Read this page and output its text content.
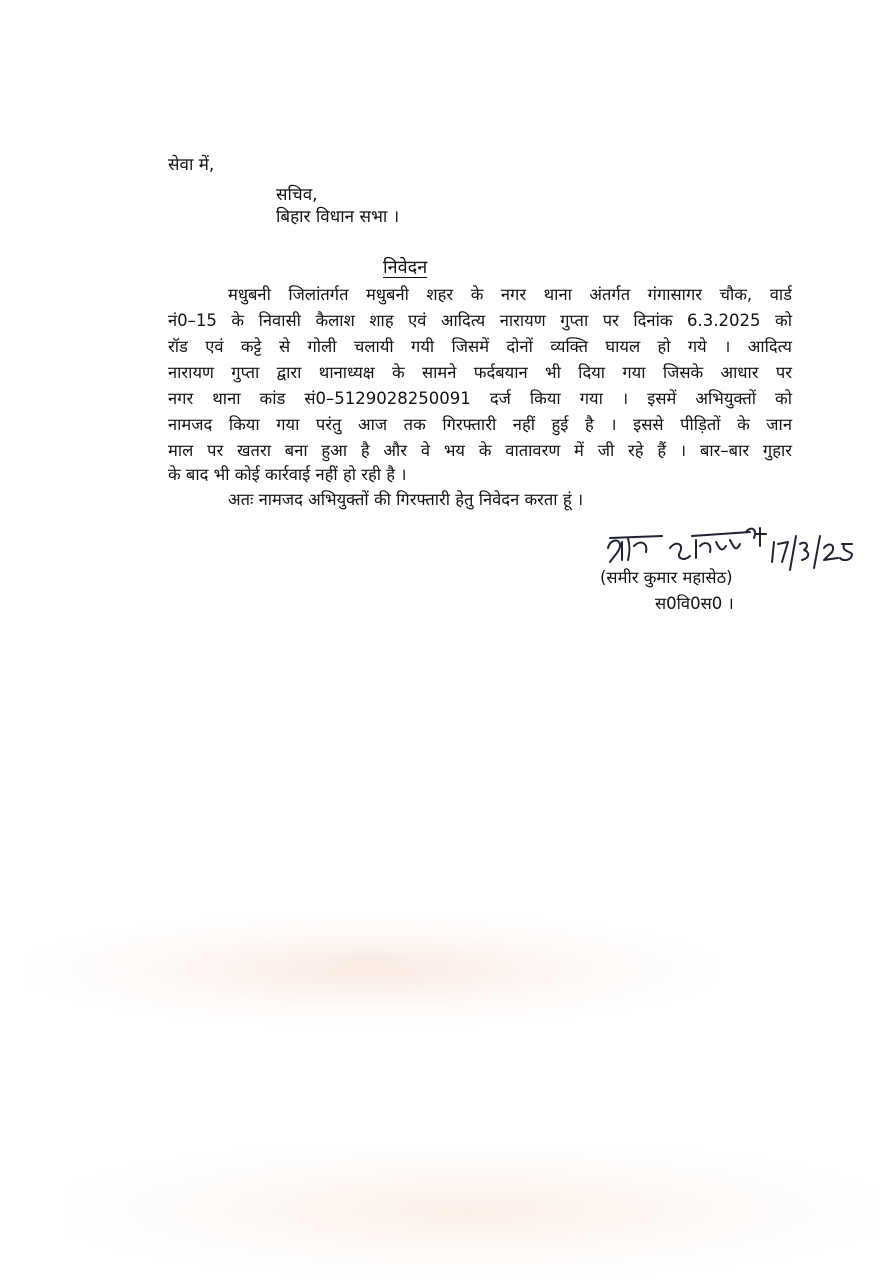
सेवा में,
सचिव,
बिहार विधान सभा ।
निवेदन
मधुबनी जिलांतर्गत मधुबनी शहर के नगर थाना अंतर्गत गंगासागर चौक, वार्ड
नं0–15 के निवासी कैलाश शाह एवं आदित्य नारायण गुप्ता पर दिनांक 6.3.2025 को
रॉड एवं कट्टे से गोली चलायी गयी जिसमें दोनों व्यक्ति घायल हो गये । आदित्य
नारायण गुप्ता द्वारा थानाध्यक्ष के सामने फर्दबयान भी दिया गया जिसके आधार पर
नगर थाना कांड सं0–5129028250091 दर्ज किया गया । इसमें अभियुक्तों को
नामजद किया गया परंतु आज तक गिरफ्तारी नहीं हुई है । इससे पीड़ितों के जान
माल पर खतरा बना हुआ है और वे भय के वातावरण में जी रहे हैं । बार–बार गुहार
के बाद भी कोई कार्रवाई नहीं हो रही है ।
अतः नामजद अभियुक्तों की गिरफ्तारी हेतु निवेदन करता हूं ।
(समीर कुमार महासेठ)
स0वि0स0 ।
